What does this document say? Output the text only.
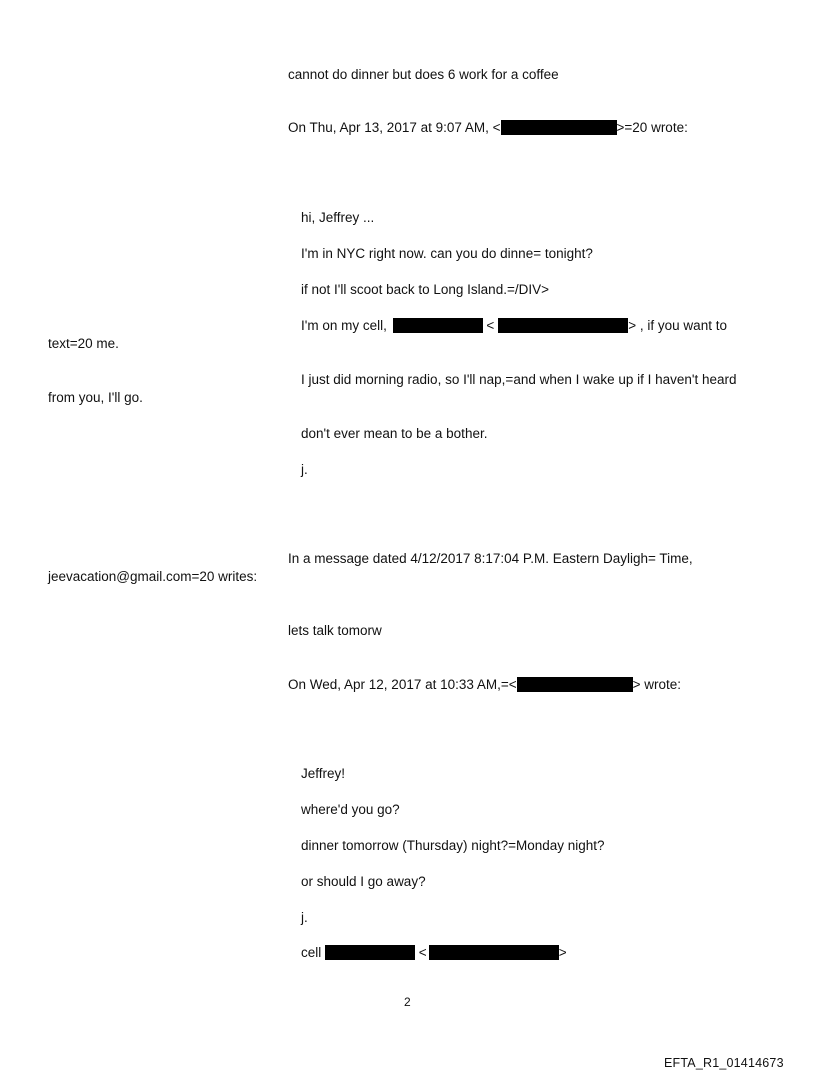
cannot do dinner but does 6 work for a coffee
On Thu, Apr 13, 2017 at 9:07 AM, <	>=20 wrote:
hi, Jeffrey ...
I'm in NYC right now. can you do dinne= tonight?
if not I'll scoot back to Long Island.=/DIV>
I'm on my cell,	<	> , if you want to
text=20 me.
I just did morning radio, so I'll nap,=and when I wake up if I haven't heard
from you, I'll go.
don't ever mean to be a bother.
j.
In a message dated 4/12/2017 8:17:04 P.M. Eastern Dayligh= Time,
jeevacation@gmail.com=20 writes:
lets talk tomorw
On Wed, Apr 12, 2017 at 10:33 AM,=<	> wrote:
Jeffrey!
where'd you go?
dinner tomorrow (Thursday) night?=Monday night?
or should I go away?
j.
cell	<	>
2
EFTA_R1_01414673
